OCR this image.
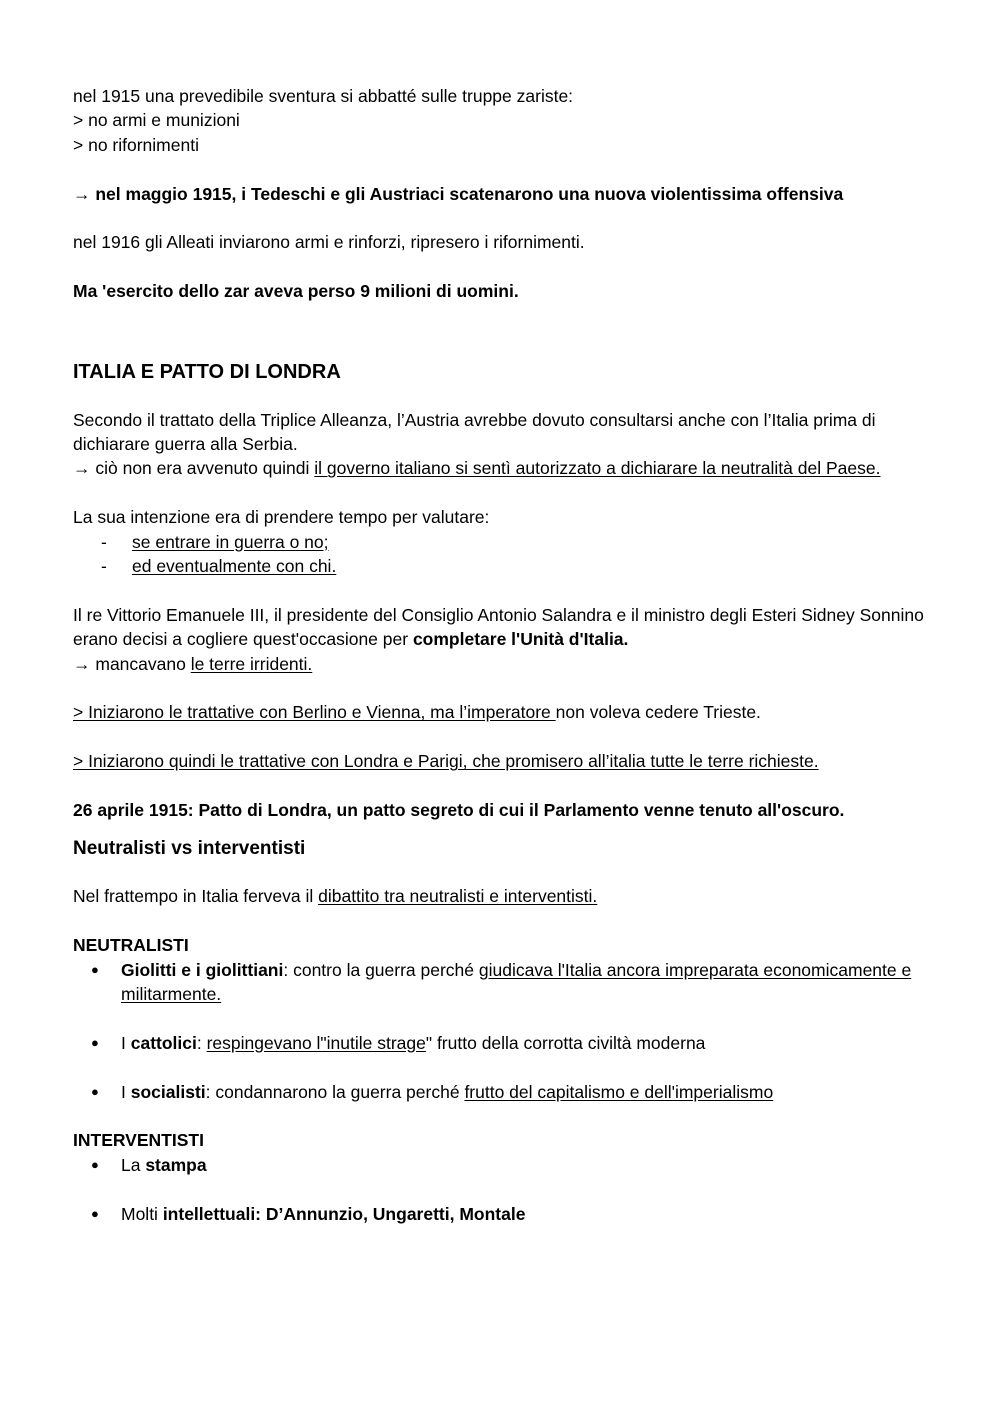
nel 1915 una prevedibile sventura si abbatté sulle truppe zariste:

> no armi e munizioni

> no rifornimenti

→ nel maggio 1915, i Tedeschi e gli Austriaci scatenarono una nuova violentissima offensiva

nel 1916 gli Alleati inviarono armi e rinforzi, ripresero i rifornimenti.

Ma 'esercito dello zar aveva perso 9 milioni di uomini.

ITALIA E PATTO DI LONDRA

Secondo il trattato della Triplice Alleanza, l’Austria avrebbe dovuto consultarsi anche con l’Italia prima di dichiarare guerra alla Serbia.

→ ciò non era avvenuto quindi il governo italiano si sentì autorizzato a dichiarare la neutralità del Paese.

La sua intenzione era di prendere tempo per valutare:

- se entrare in guerra o no;
- ed eventualmente con chi.

Il re Vittorio Emanuele III, il presidente del Consiglio Antonio Salandra e il ministro degli Esteri Sidney Sonnino erano decisi a cogliere quest'occasione per completare l'Unità d'Italia.

→ mancavano le terre irridenti.

> Iniziarono le trattative con Berlino e Vienna, ma l’imperatore non voleva cedere Trieste.

> Iniziarono quindi le trattative con Londra e Parigi, che promisero all’italia tutte le terre richieste.

26 aprile 1915: Patto di Londra, un patto segreto di cui il Parlamento venne tenuto all'oscuro.

Neutralisti vs interventisti

Nel frattempo in Italia ferveva il dibattito tra neutralisti e interventisti.

NEUTRALISTI

● Giolitti e i giolittiani: contro la guerra perché giudicava l'Italia ancora impreparata economicamente e militarmente.
● I cattolici: respingevano l"inutile strage" frutto della corrotta civiltà moderna
● I socialisti: condannarono la guerra perché frutto del capitalismo e dell'imperialismo

INTERVENTISTI

● La stampa
● Molti intellettuali: D’Annunzio, Ungaretti, Montale
